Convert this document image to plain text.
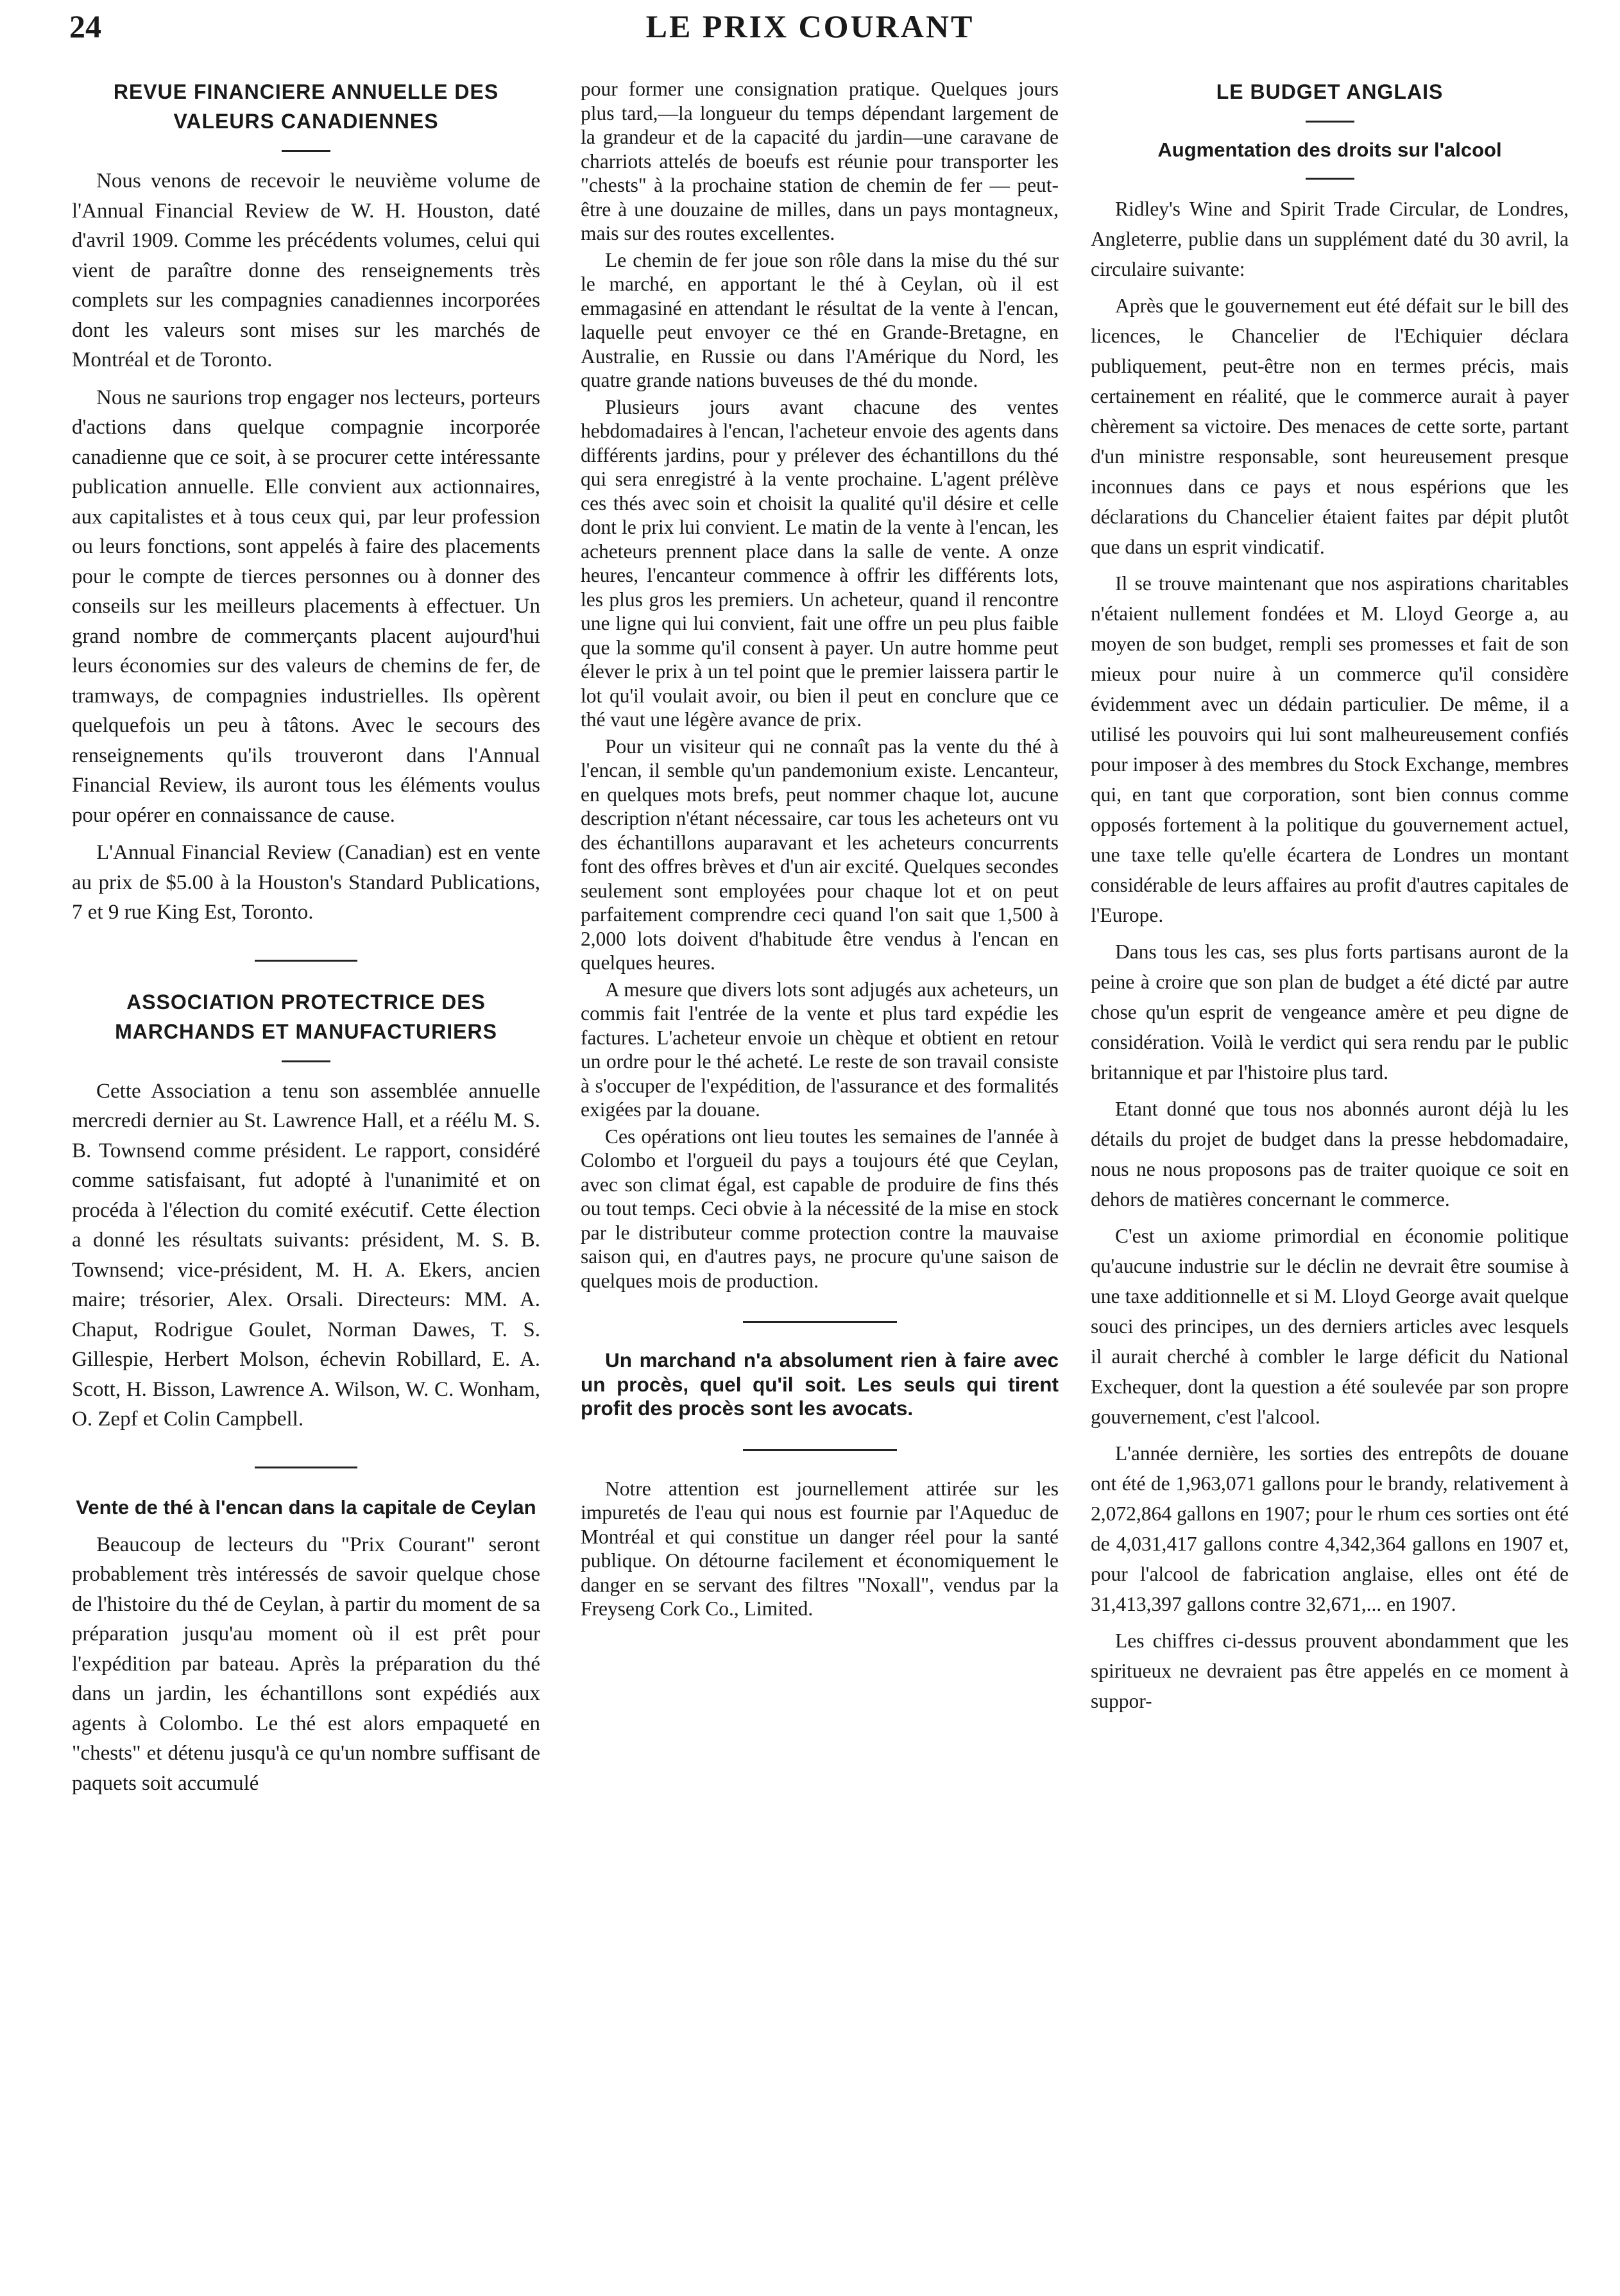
24	LE PRIX COURANT
REVUE FINANCIERE ANNUELLE DES VALEURS CANADIENNES

Nous venons de recevoir le neuvième volume de l'Annual Financial Review de W. H. Houston, daté d'avril 1909. Comme les précédents volumes, celui qui vient de paraître donne des renseignements très complets sur les compagnies canadiennes incorporées dont les valeurs sont mises sur les marchés de Montréal et de Toronto.

Nous ne saurions trop engager nos lecteurs, porteurs d'actions dans quelque compagnie incorporée canadienne que ce soit, à se procurer cette intéressante publication annuelle. Elle convient aux actionnaires, aux capitalistes et à tous ceux qui, par leur profession ou leurs fonctions, sont appelés à faire des placements pour le compte de tierces personnes ou à donner des conseils sur les meilleurs placements à effectuer. Un grand nombre de commerçants placent aujourd'hui leurs économies sur des valeurs de chemins de fer, de tramways, de compagnies industrielles. Ils opèrent quelquefois un peu à tâtons. Avec le secours des renseignements qu'ils trouveront dans l'Annual Financial Review, ils auront tous les éléments voulus pour opérer en connaissance de cause.

L'Annual Financial Review (Canadian) est en vente au prix de $5.00 à la Houston's Standard Publications, 7 et 9 rue King Est, Toronto.

ASSOCIATION PROTECTRICE DES MARCHANDS ET MANUFACTURIERS

Cette Association a tenu son assemblée annuelle mercredi dernier au St. Lawrence Hall, et a réélu M. S. B. Townsend comme président. Le rapport, considéré comme satisfaisant, fut adopté à l'unanimité et on procéda à l'élection du comité exécutif. Cette élection a donné les résultats suivants: président, M. S. B. Townsend; vice-président, M. H. A. Ekers, ancien maire; trésorier, Alex. Orsali. Directeurs: MM. A. Chaput, Rodrigue Goulet, Norman Dawes, T. S. Gillespie, Herbert Molson, échevin Robillard, E. A. Scott, H. Bisson, Lawrence A. Wilson, W. C. Wonham, O. Zepf et Colin Campbell.

Vente de thé à l'encan dans la capitale de Ceylan

Beaucoup de lecteurs du "Prix Courant" seront probablement très intéressés de savoir quelque chose de l'histoire du thé de Ceylan, à partir du moment de sa préparation jusqu'au moment où il est prêt pour l'expédition par bateau. Après la préparation du thé dans un jardin, les échantillons sont expédiés aux agents à Colombo. Le thé est alors empaqueté en "chests" et détenu jusqu'à ce qu'un nombre suffisant de paquets soit accumulé

pour former une consignation pratique. Quelques jours plus tard,—la longueur du temps dépendant largement de la grandeur et de la capacité du jardin—une caravane de charriots attelés de boeufs est réunie pour transporter les "chests" à la prochaine station de chemin de fer — peut-être à une douzaine de milles, dans un pays montagneux, mais sur des routes excellentes.

Le chemin de fer joue son rôle dans la mise du thé sur le marché, en apportant le thé à Ceylan, où il est emmagasiné en attendant le résultat de la vente à l'encan, laquelle peut envoyer ce thé en Grande-Bretagne, en Australie, en Russie ou dans l'Amérique du Nord, les quatre grande nations buveuses de thé du monde.

Plusieurs jours avant chacune des ventes hebdomadaires à l'encan, l'acheteur envoie des agents dans différents jardins, pour y prélever des échantillons du thé qui sera enregistré à la vente prochaine. L'agent prélève ces thés avec soin et choisit la qualité qu'il désire et celle dont le prix lui convient. Le matin de la vente à l'encan, les acheteurs prennent place dans la salle de vente. A onze heures, l'encanteur commence à offrir les différents lots, les plus gros les premiers. Un acheteur, quand il rencontre une ligne qui lui convient, fait une offre un peu plus faible que la somme qu'il consent à payer. Un autre homme peut élever le prix à un tel point que le premier laissera partir le lot qu'il voulait avoir, ou bien il peut en conclure que ce thé vaut une légère avance de prix.

Pour un visiteur qui ne connaît pas la vente du thé à l'encan, il semble qu'un pandemonium existe. Lencanteur, en quelques mots brefs, peut nommer chaque lot, aucune description n'étant nécessaire, car tous les acheteurs ont vu des échantillons auparavant et les acheteurs concurrents font des offres brèves et d'un air excité. Quelques secondes seulement sont employées pour chaque lot et on peut parfaitement comprendre ceci quand l'on sait que 1,500 à 2,000 lots doivent d'habitude être vendus à l'encan en quelques heures.

A mesure que divers lots sont adjugés aux acheteurs, un commis fait l'entrée de la vente et plus tard expédie les factures. L'acheteur envoie un chèque et obtient en retour un ordre pour le thé acheté. Le reste de son travail consiste à s'occuper de l'expédition, de l'assurance et des formalités exigées par la douane.

Ces opérations ont lieu toutes les semaines de l'année à Colombo et l'orgueil du pays a toujours été que Ceylan, avec son climat égal, est capable de produire de fins thés ou tout temps. Ceci obvie à la nécessité de la mise en stock par le distributeur comme protection contre la mauvaise saison qui, en d'autres pays, ne procure qu'une saison de quelques mois de production.

Un marchand n'a absolument rien à faire avec un procès, quel qu'il soit. Les seuls qui tirent profit des procès sont les avocats.

Notre attention est journellement attirée sur les impuretés de l'eau qui nous est fournie par l'Aqueduc de Montréal et qui constitue un danger réel pour la santé publique. On détourne facilement et économiquement le danger en se servant des filtres "Noxall", vendus par la Freyseng Cork Co., Limited.

LE BUDGET ANGLAIS
Augmentation des droits sur l'alcool

Ridley's Wine and Spirit Trade Circular, de Londres, Angleterre, publie dans un supplément daté du 30 avril, la circulaire suivante:

Après que le gouvernement eut été défait sur le bill des licences, le Chancelier de l'Echiquier déclara publiquement, peut-être non en termes précis, mais certainement en réalité, que le commerce aurait à payer chèrement sa victoire. Des menaces de cette sorte, partant d'un ministre responsable, sont heureusement presque inconnues dans ce pays et nous espérions que les déclarations du Chancelier étaient faites par dépit plutôt que dans un esprit vindicatif.

Il se trouve maintenant que nos aspirations charitables n'étaient nullement fondées et M. Lloyd George a, au moyen de son budget, rempli ses promesses et fait de son mieux pour nuire à un commerce qu'il considère évidemment avec un dédain particulier. De même, il a utilisé les pouvoirs qui lui sont malheureusement confiés pour imposer à des membres du Stock Exchange, membres qui, en tant que corporation, sont bien connus comme opposés fortement à la politique du gouvernement actuel, une taxe telle qu'elle écartera de Londres un montant considérable de leurs affaires au profit d'autres capitales de l'Europe.

Dans tous les cas, ses plus forts partisans auront de la peine à croire que son plan de budget a été dicté par autre chose qu'un esprit de vengeance amère et peu digne de considération. Voilà le verdict qui sera rendu par le public britannique et par l'histoire plus tard.

Etant donné que tous nos abonnés auront déjà lu les détails du projet de budget dans la presse hebdomadaire, nous ne nous proposons pas de traiter quoique ce soit en dehors de matières concernant le commerce.

C'est un axiome primordial en économie politique qu'aucune industrie sur le déclin ne devrait être soumise à une taxe additionnelle et si M. Lloyd George avait quelque souci des principes, un des derniers articles avec lesquels il aurait cherché à combler le large déficit du National Exchequer, dont la question a été soulevée par son propre gouvernement, c'est l'alcool.

L'année dernière, les sorties des entrepôts de douane ont été de 1,963,071 gallons pour le brandy, relativement à 2,072,864 gallons en 1907; pour le rhum ces sorties ont été de 4,031,417 gallons contre 4,342,364 gallons en 1907 et, pour l'alcool de fabrication anglaise, elles ont été de 31,413,397 gallons contre 32,671,... en 1907.

Les chiffres ci-dessus prouvent abondamment que les spiritueux ne devraient pas être appelés en ce moment à suppor-
